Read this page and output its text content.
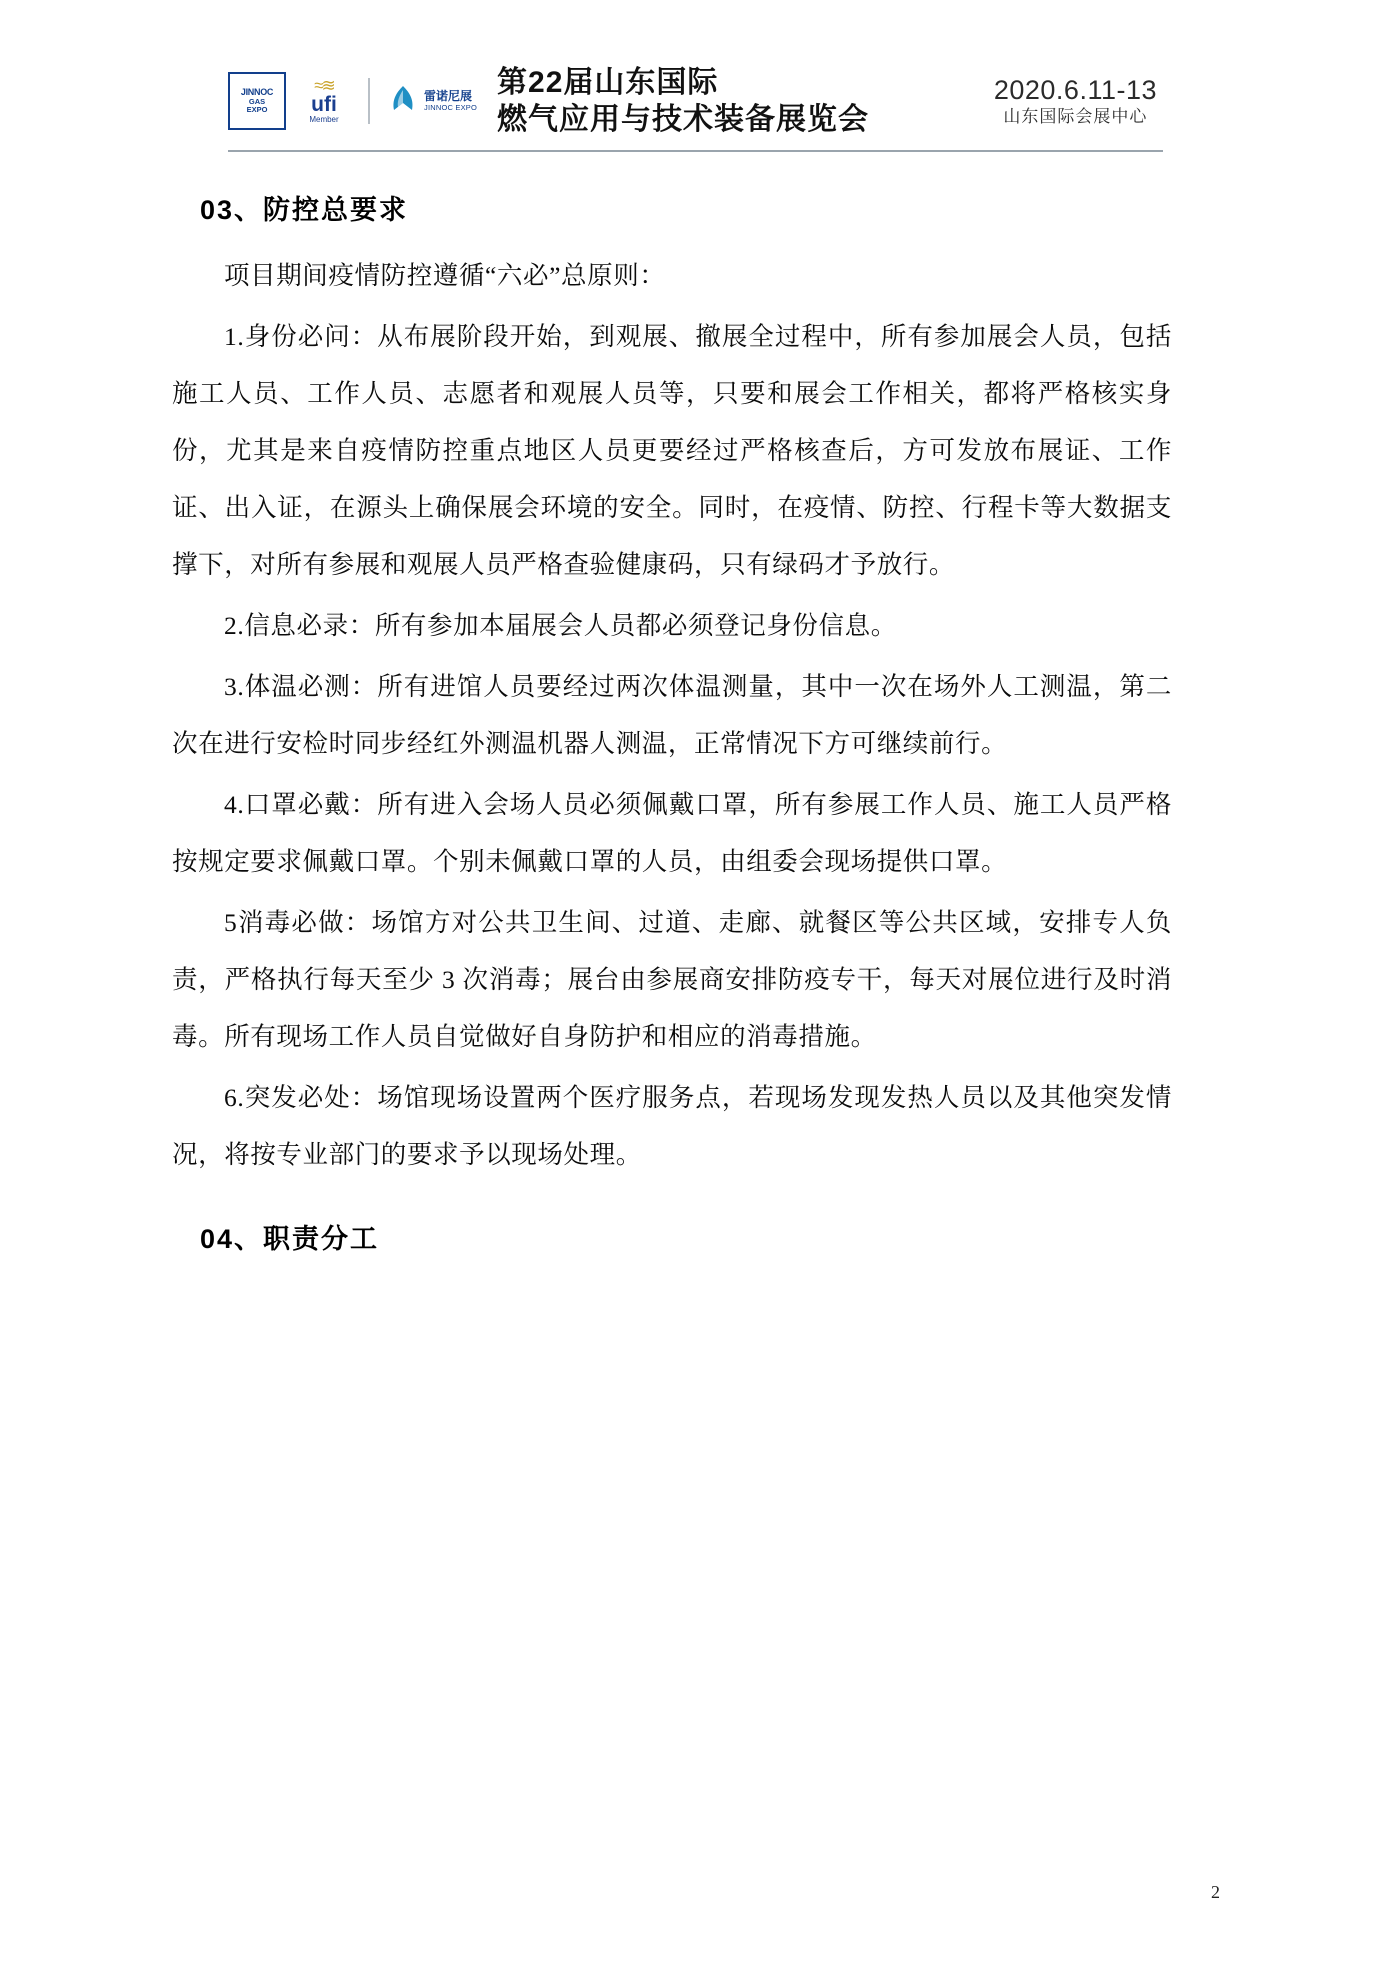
JINNOC
GAS
EXPO
≈≋
ufi
Member
雷诺尼展
JINNOC EXPO
第22届山东国际
燃气应用与技术装备展览会
2020.6.11-13
山东国际会展中心
03、防控总要求

项目期间疫情防控遵循“六必”总原则：

1.身份必问：从布展阶段开始，到观展、撤展全过程中，所有参加展会人员，包括施工人员、工作人员、志愿者和观展人员等，只要和展会工作相关，都将严格核实身份，尤其是来自疫情防控重点地区人员更要经过严格核查后，方可发放布展证、工作证、出入证，在源头上确保展会环境的安全。同时，在疫情、防控、行程卡等大数据支撑下，对所有参展和观展人员严格查验健康码，只有绿码才予放行。

2.信息必录：所有参加本届展会人员都必须登记身份信息。

3.体温必测：所有进馆人员要经过两次体温测量，其中一次在场外人工测温，第二次在进行安检时同步经红外测温机器人测温，正常情况下方可继续前行。

4.口罩必戴：所有进入会场人员必须佩戴口罩，所有参展工作人员、施工人员严格按规定要求佩戴口罩。个别未佩戴口罩的人员，由组委会现场提供口罩。

5消毒必做：场馆方对公共卫生间、过道、走廊、就餐区等公共区域，安排专人负责，严格执行每天至少 3 次消毒；展台由参展商安排防疫专干，每天对展位进行及时消毒。所有现场工作人员自觉做好自身防护和相应的消毒措施。

6.突发必处：场馆现场设置两个医疗服务点，若现场发现发热人员以及其他突发情况，将按专业部门的要求予以现场处理。

04、职责分工
2
